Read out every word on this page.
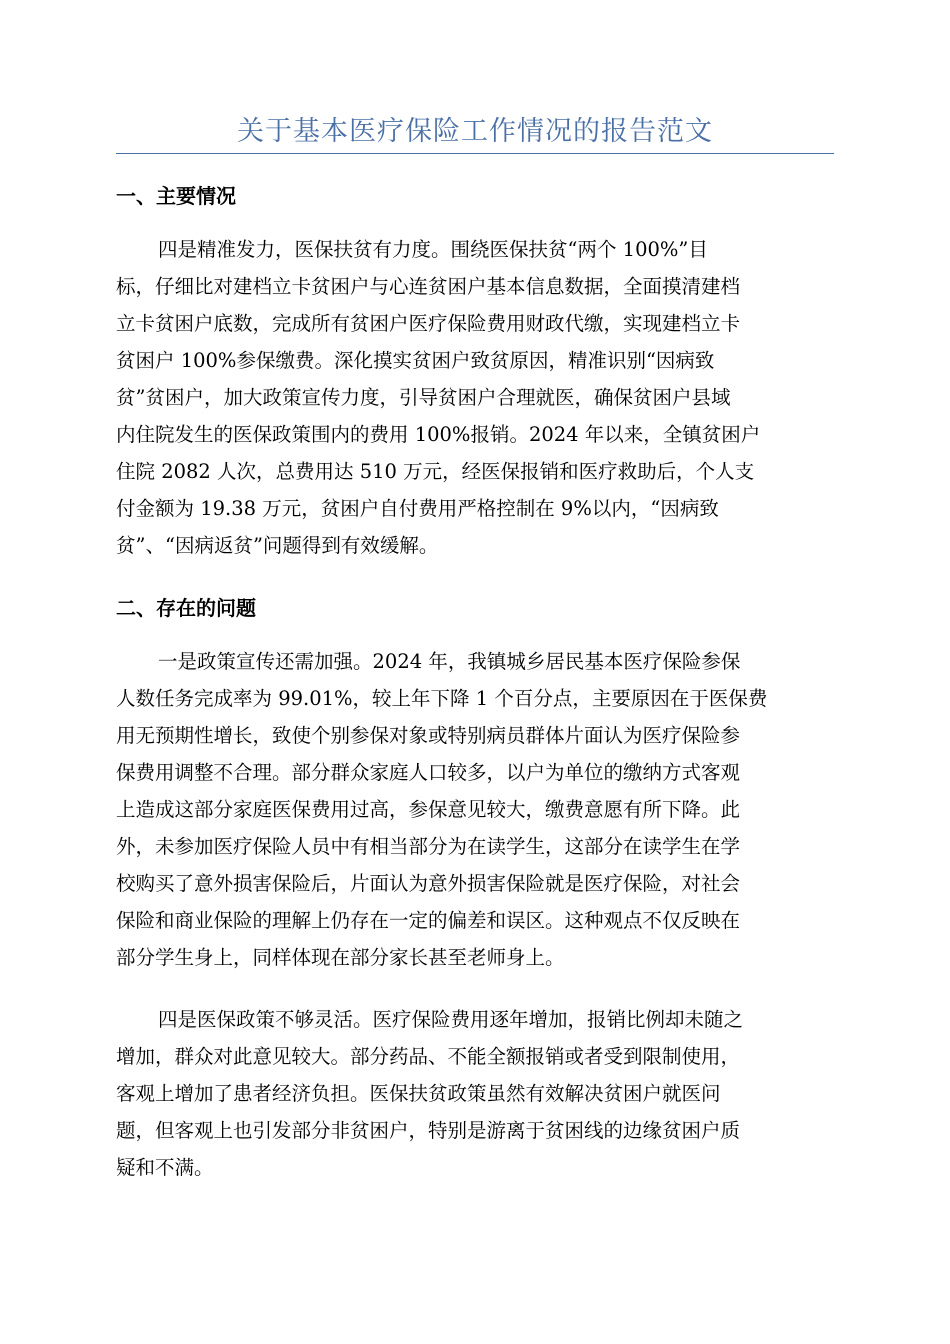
关于基本医疗保险工作情况的报告范文
一、主要情况
四是精准发力，医保扶贫有力度。围绕医保扶贫“两个 100%”目
标，仔细比对建档立卡贫困户与心连贫困户基本信息数据，全面摸清建档
立卡贫困户底数，完成所有贫困户医疗保险费用财政代缴，实现建档立卡
贫困户 100%参保缴费。深化摸实贫困户致贫原因，精准识别“因病致
贫”贫困户，加大政策宣传力度，引导贫困户合理就医，确保贫困户县域
内住院发生的医保政策围内的费用 100%报销。2024 年以来，全镇贫困户
住院 2082 人次，总费用达 510 万元，经医保报销和医疗救助后，个人支
付金额为 19.38 万元，贫困户自付费用严格控制在 9%以内，“因病致
贫”、“因病返贫”问题得到有效缓解。
二、存在的问题
一是政策宣传还需加强。2024 年，我镇城乡居民基本医疗保险参保
人数任务完成率为 99.01%，较上年下降 1 个百分点，主要原因在于医保费
用无预期性增长，致使个别参保对象或特别病员群体片面认为医疗保险参
保费用调整不合理。部分群众家庭人口较多，以户为单位的缴纳方式客观
上造成这部分家庭医保费用过高，参保意见较大，缴费意愿有所下降。此
外，未参加医疗保险人员中有相当部分为在读学生，这部分在读学生在学
校购买了意外损害保险后，片面认为意外损害保险就是医疗保险，对社会
保险和商业保险的理解上仍存在一定的偏差和误区。这种观点不仅反映在
部分学生身上，同样体现在部分家长甚至老师身上。
四是医保政策不够灵活。医疗保险费用逐年增加，报销比例却未随之
增加，群众对此意见较大。部分药品、不能全额报销或者受到限制使用，
客观上增加了患者经济负担。医保扶贫政策虽然有效解决贫困户就医问
题，但客观上也引发部分非贫困户，特别是游离于贫困线的边缘贫困户质
疑和不满。
